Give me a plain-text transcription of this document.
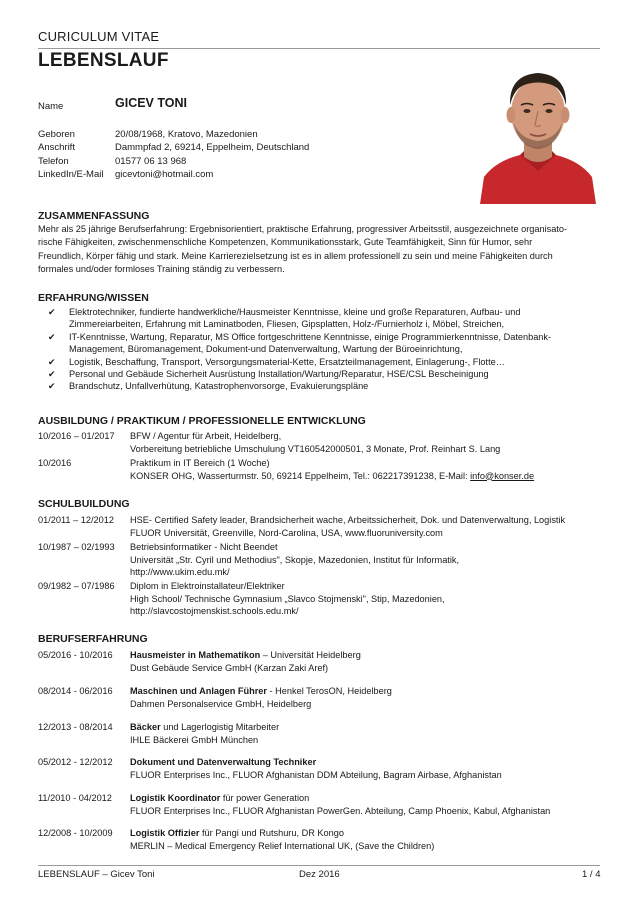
CURICULUM VITAE
LEBENSLAUF
Name	GICEV TONI
Geboren	20/08/1968, Kratovo, Mazedonien
Anschrift	Dammpfad 2, 69214, Eppelheim, Deutschland
Telefon	01577 06 13 968
LinkedIn/E-Mail gicevtoni@hotmail.com
ZUSAMMENFASSUNG

Mehr als 25 jährige Berufserfahrung: Ergebnisorientiert, praktische Erfahrung, progressiver Arbeitsstil, ausgezeichnete organisato-

rische Fähigkeiten, zwischenmenschliche Kompetenzen, Kommunikationsstark, Gute Teamfähigkeit, Sinn für Humor, sehr

Freundlich, Körper fähig und stark. Meine Karrierezielsetzung ist es in allem professionell zu sein und meine Fähigkeiten durch

formales und/oder formloses Training ständig zu verbessern.

ERFAHRUNG/WISSEN
✔ Elektrotechniker, fundierte handwerkliche/Hausmeister Kenntnisse, kleine und große Reparaturen, Aufbau- und
Zimmereiarbeiten, Erfahrung mit Laminatboden, Fliesen, Gipsplatten, Holz-/Furnierholz i, Möbel, Streichen,
✔ IT-Kenntnisse, Wartung, Reparatur, MS Office fortgeschrittene Kenntnisse, einige Programmierkenntnisse, Datenbank-
Management, Büromanagement, Dokument-und Datenverwaltung, Wartung der Büroeinrichtung,
✔ Logistik, Beschaffung, Transport, Versorgungsmaterial-Kette, Ersatzteilmanagement, Einlagerung-, Flotte…
✔ Personal und Gebäude Sicherheit Ausrüstung Installation/Wartung/Reparatur, HSE/CSL Bescheinigung
✔ Brandschutz, Unfallverhütung, Katastrophenvorsorge, Evakuierungspläne
AUSBILDUNG / PRAKTIKUM / PROFESSIONELLE ENTWICKLUNG
10/2016 – 01/2017 BFW / Agentur für Arbeit, Heidelberg,
Vorbereitung betriebliche Umschulung VT160542000501, 3 Monate, Prof. Reinhart S. Lang
10/2016	Praktikum in IT Bereich (1 Woche)
KONSER OHG, Wasserturmstr. 50, 69214 Eppelheim, Tel.: 062217391238, E-Mail: info@konser.de
SCHULBUILDUNG
01/2011 – 12/2012 HSE- Certified Safety leader, Brandsicherheit wache, Arbeitssicherheit, Dok. und Datenverwaltung, Logistik
FLUOR Universität, Greenville, Nord-Carolina, USA, www.fluoruniversity.com
10/1987 – 02/1993 Betriebsinformatiker - Nicht Beendet
Universität „Str. Cyril und Methodius", Skopje, Mazedonien, Institut für Informatik,
http://www.ukim.edu.mk/
09/1982 – 07/1986 Diplom in Elektroinstallateur/Elektriker
High School/ Technische Gymnasium „Slavco Stojmenski", Stip, Mazedonien,
http://slavcostojmenskist.schools.edu.mk/
BERUFSERFAHRUNG
05/2016 - 10/2016 Hausmeister in Mathematikon – Universität Heidelberg
Dust Gebäude Service GmbH (Karzan Zaki Aref)
08/2014 - 06/2016 Maschinen und Anlagen Führer - Henkel TerosON, Heidelberg
Dahmen Personalservice GmbH, Heidelberg
12/2013 - 08/2014 Bäcker und Lagerlogistig Mitarbeiter
IHLE Bäckerei GmbH München
05/2012 - 12/2012 Dokument und Datenverwaltung Techniker
FLUOR Enterprises Inc., FLUOR Afghanistan DDM Abteilung, Bagram Airbase, Afghanistan
11/2010 - 04/2012 Logistik Koordinator für power Generation
FLUOR Enterprises Inc., FLUOR Afghanistan PowerGen. Abteilung, Camp Phoenix, Kabul, Afghanistan
12/2008 - 10/2009 Logistik Offizier für Pangi und Rutshuru, DR Kongo
MERLIN – Medical Emergency Relief International UK, (Save the Children)
LEBENSLAUF – Gicev Toni	Dez 2016	1 / 4
